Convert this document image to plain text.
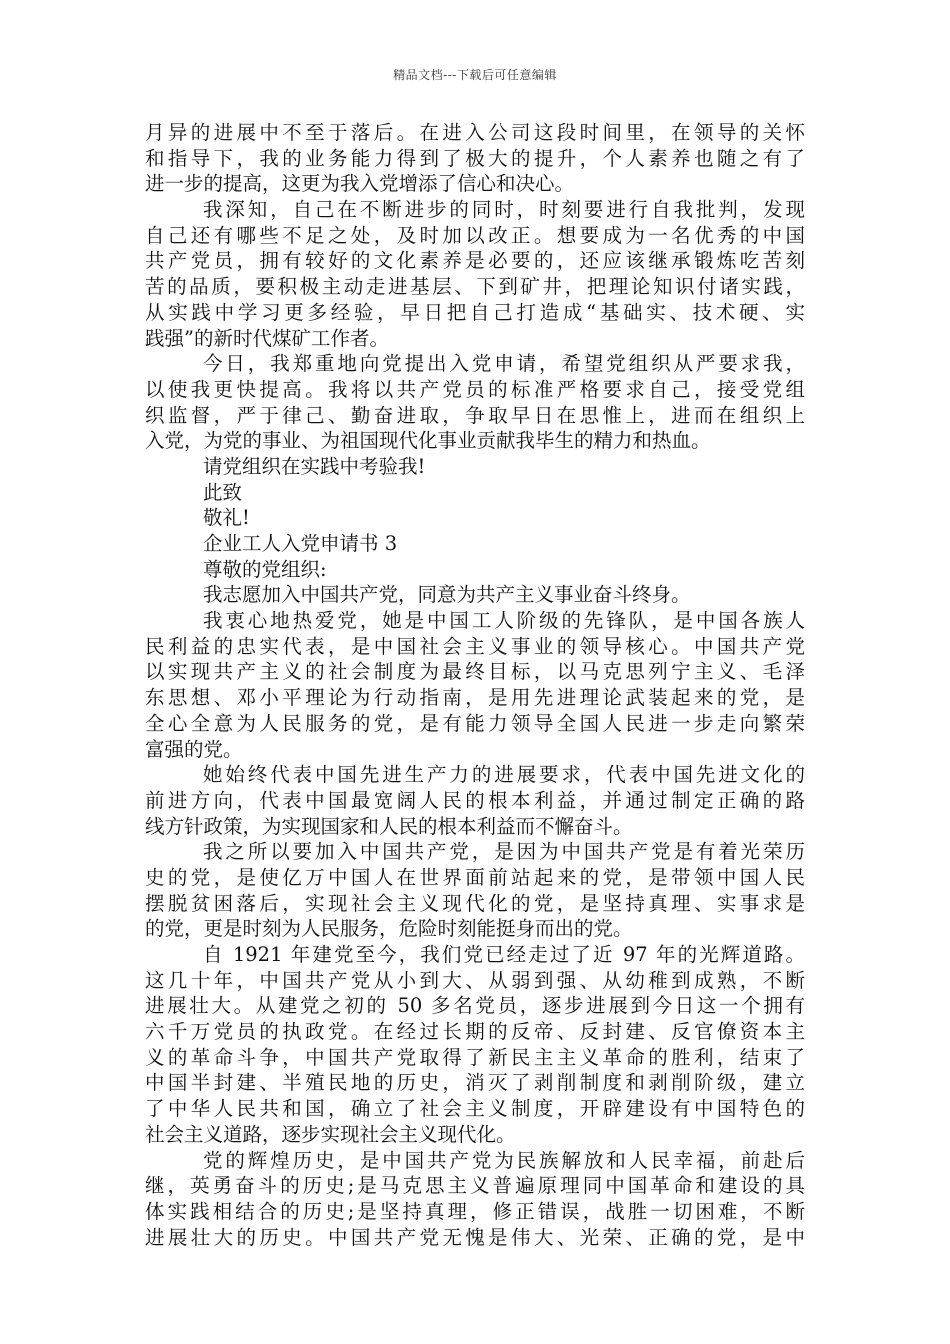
精品文档---下载后可任意编辑
月异的进展中不至于落后。在进入公司这段时间里，在领导的关怀
和指导下，我的业务能力得到了极大的提升，个人素养也随之有了
进一步的提高，这更为我入党增添了信心和决心。
我深知，自己在不断进步的同时，时刻要进行自我批判，发现
自己还有哪些不足之处，及时加以改正。想要成为一名优秀的中国
共产党员，拥有较好的文化素养是必要的，还应该继承锻炼吃苦刻
苦的品质，要积极主动走进基层、下到矿井，把理论知识付诸实践，
从实践中学习更多经验，早日把自己打造成“基础实、技术硬、实
践强”的新时代煤矿工作者。
今日，我郑重地向党提出入党申请，希望党组织从严要求我，
以使我更快提高。我将以共产党员的标准严格要求自己，接受党组
织监督，严于律己、勤奋进取，争取早日在思惟上，进而在组织上
入党，为党的事业、为祖国现代化事业贡献我毕生的精力和热血。
请党组织在实践中考验我!
此致
敬礼!
企业工人入党申请书 3
尊敬的党组织:
我志愿加入中国共产党，同意为共产主义事业奋斗终身。
我衷心地热爱党，她是中国工人阶级的先锋队，是中国各族人
民利益的忠实代表，是中国社会主义事业的领导核心。中国共产党
以实现共产主义的社会制度为最终目标，以马克思列宁主义、毛泽
东思想、邓小平理论为行动指南，是用先进理论武装起来的党，是
全心全意为人民服务的党，是有能力领导全国人民进一步走向繁荣
富强的党。
她始终代表中国先进生产力的进展要求，代表中国先进文化的
前进方向，代表中国最宽阔人民的根本利益，并通过制定正确的路
线方针政策，为实现国家和人民的根本利益而不懈奋斗。
我之所以要加入中国共产党，是因为中国共产党是有着光荣历
史的党，是使亿万中国人在世界面前站起来的党，是带领中国人民
摆脱贫困落后，实现社会主义现代化的党，是坚持真理、实事求是
的党，更是时刻为人民服务，危险时刻能挺身而出的党。
自 1921 年建党至今，我们党已经走过了近 97 年的光辉道路。
这几十年，中国共产党从小到大、从弱到强、从幼稚到成熟，不断
进展壮大。从建党之初的 50 多名党员，逐步进展到今日这一个拥有
六千万党员的执政党。在经过长期的反帝、反封建、反官僚资本主
义的革命斗争，中国共产党取得了新民主主义革命的胜利，结束了
中国半封建、半殖民地的历史，消灭了剥削制度和剥削阶级，建立
了中华人民共和国，确立了社会主义制度，开辟建设有中国特色的
社会主义道路，逐步实现社会主义现代化。
党的辉煌历史，是中国共产党为民族解放和人民幸福，前赴后
继，英勇奋斗的历史;是马克思主义普遍原理同中国革命和建设的具
体实践相结合的历史;是坚持真理，修正错误，战胜一切困难，不断
进展壮大的历史。中国共产党无愧是伟大、光荣、正确的党，是中
